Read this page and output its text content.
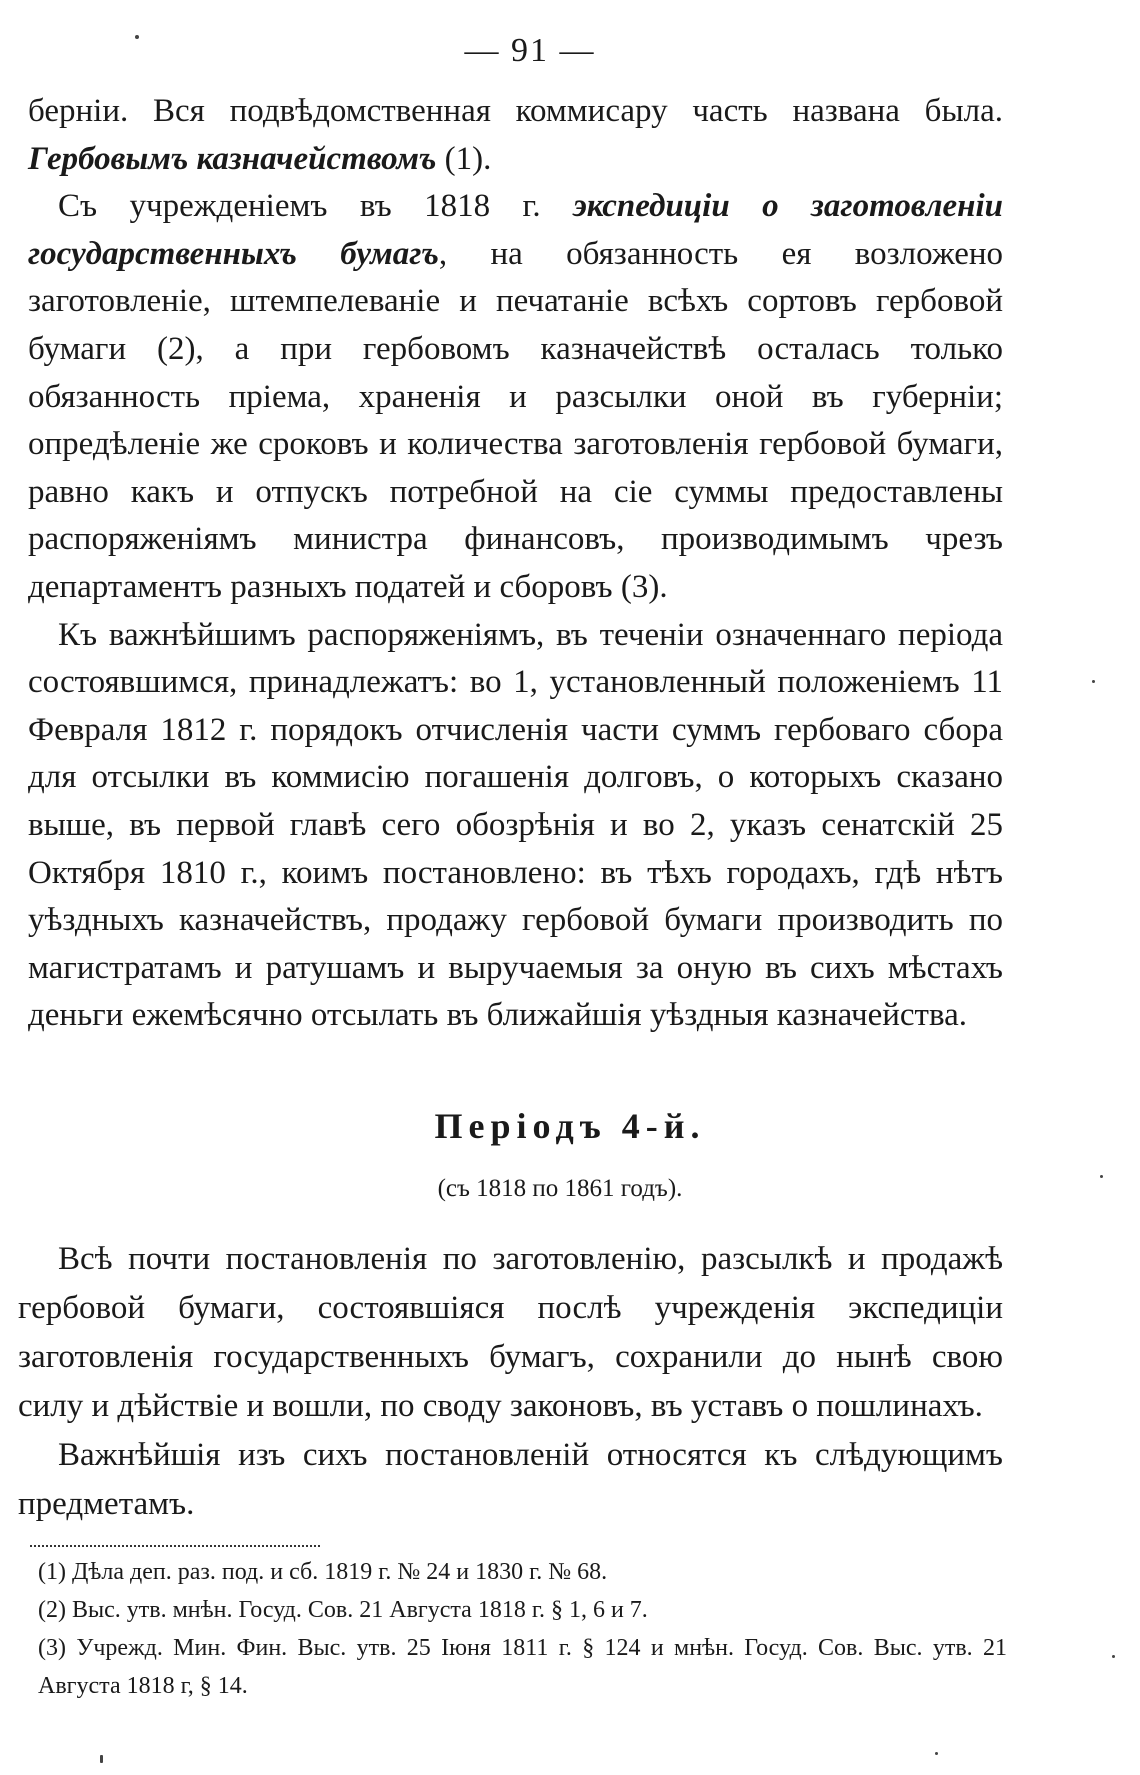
— 91 —

берніи. Вся подвѣдомственная коммисару часть названа была. Гербовымъ казначействомъ (1).

Съ учрежденіемъ въ 1818 г. экспедиціи о заготовленіи государственныхъ бумагъ, на обязанность ея возложено заготовленіе, штемпелеваніе и печатаніе всѣхъ сортовъ гербовой бумаги (2), а при гербовомъ казначействѣ осталась только обязанность пріема, храненія и разсылки оной въ губерніи; опредѣленіе же сроковъ и количества заготовленія гербовой бумаги, равно какъ и отпускъ потребной на сіе суммы предоставлены распоряженіямъ министра финансовъ, производимымъ чрезъ департаментъ разныхъ податей и сборовъ (3).

Къ важнѣйшимъ распоряженіямъ, въ теченіи означеннаго періода состоявшимся, принадлежатъ: во 1, установленный положеніемъ 11 Февраля 1812 г. порядокъ отчисленія части суммъ гербоваго сбора для отсылки въ коммисію погашенія долговъ, о которыхъ сказано выше, въ первой главѣ сего обозрѣнія и во 2, указъ сенатскій 25 Октября 1810 г., коимъ постановлено: въ тѣхъ городахъ, гдѣ нѣтъ уѣздныхъ казначействъ, продажу гербовой бумаги производить по магистратамъ и ратушамъ и выручаемыя за оную въ сихъ мѣстахъ деньги ежемѣсячно отсылать въ ближайшія уѣздныя казначейства.

Періодъ 4-й.
(съ 1818 по 1861 годъ).

Всѣ почти постановленія по заготовленію, разсылкѣ и продажѣ гербовой бумаги, состоявшіяся послѣ учрежденія экспедиціи заготовленія государственныхъ бумагъ, сохранили до нынѣ свою силу и дѣйствіе и вошли, по своду законовъ, въ уставъ о пошлинахъ.

Важнѣйшія изъ сихъ постановленій относятся къ слѣдующимъ предметамъ.

(1) Дѣла деп. раз. под. и сб. 1819 г. № 24 и 1830 г. № 68.

(2) Выс. утв. мнѣн. Госуд. Сов. 21 Августа 1818 г. § 1, 6 и 7.

(3) Учрежд. Мин. Фин. Выс. утв. 25 Іюня 1811 г. § 124 и мнѣн. Госуд. Сов. Выс. утв. 21 Августа 1818 г, § 14.
